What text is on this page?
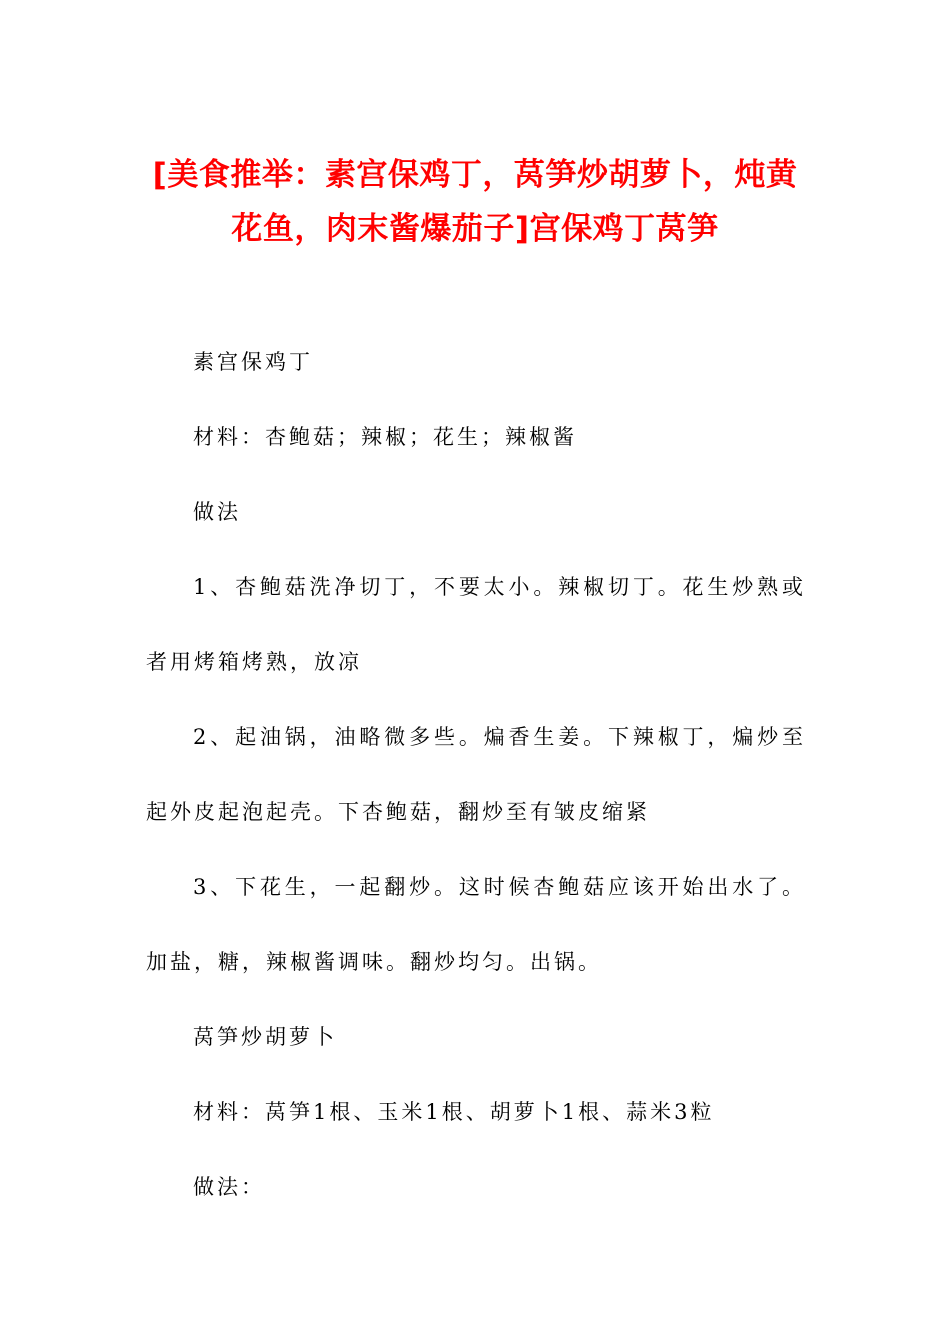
[美食推举：素宫保鸡丁，莴笋炒胡萝卜，炖黄花鱼，肉末酱爆茄子]宫保鸡丁莴笋

素宫保鸡丁

材料：杏鲍菇；辣椒；花生；辣椒酱

做法

1、杏鲍菇洗净切丁，不要太小。辣椒切丁。花生炒熟或者用烤箱烤熟，放凉

2、起油锅，油略微多些。煸香生姜。下辣椒丁，煸炒至起外皮起泡起壳。下杏鲍菇，翻炒至有皱皮缩紧

3、下花生，一起翻炒。这时候杏鲍菇应该开始出水了。加盐，糖，辣椒酱调味。翻炒均匀。出锅。

莴笋炒胡萝卜

材料：莴笋1根、玉米1根、胡萝卜1根、蒜米3粒

做法：
